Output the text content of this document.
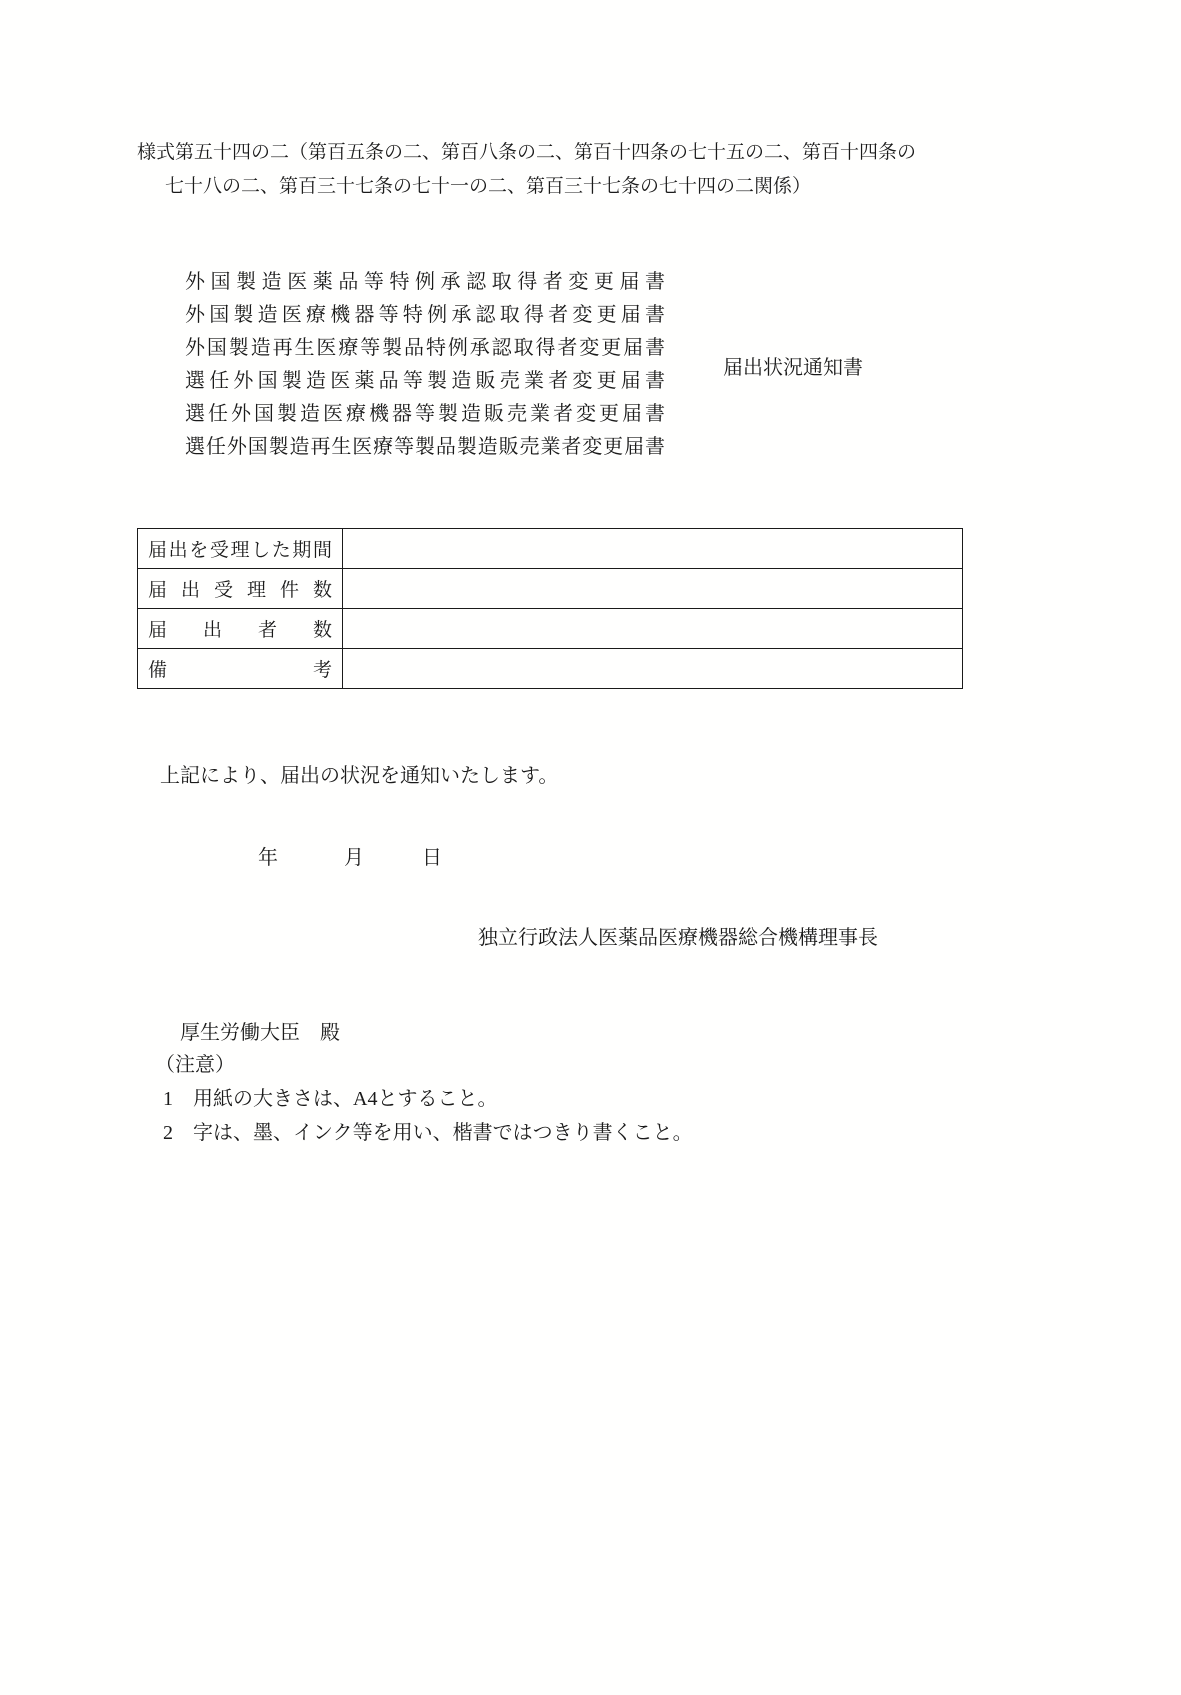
様式第五十四の二（第百五条の二、第百八条の二、第百十四条の七十五の二、第百十四条の
七十八の二、第百三十七条の七十一の二、第百三十七条の七十四の二関係）
外国製造医薬品等特例承認取得者変更届書
外国製造医療機器等特例承認取得者変更届書
外国製造再生医療等製品特例承認取得者変更届書
選任外国製造医薬品等製造販売業者変更届書
選任外国製造医療機器等製造販売業者変更届書
選任外国製造再生医療等製品製造販売業者変更届書
届出状況通知書
届出を受理した期間	
届出受理件数	
届出者数	
備考	
上記により、届出の状況を通知いたします。
年	月	日
独立行政法人医薬品医療機器総合機構理事長
厚生労働大臣　殿
（注意）
1　用紙の大きさは、A4とすること。
2　字は、墨、インク等を用い、楷書ではつきり書くこと。
